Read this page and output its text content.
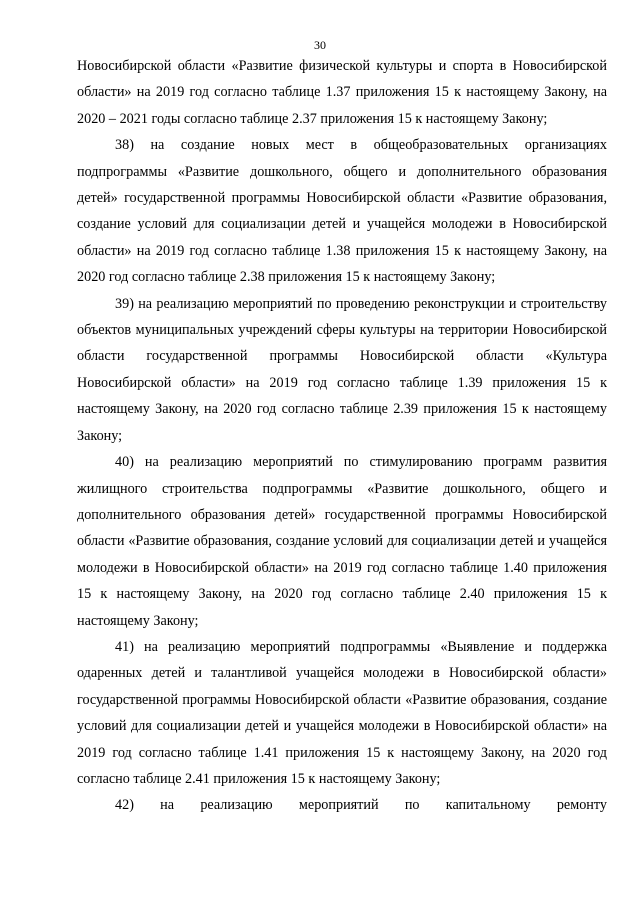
30

Новосибирской области «Развитие физической культуры и спорта в Новосибирской области» на 2019 год согласно таблице 1.37 приложения 15 к настоящему Закону, на 2020 – 2021 годы согласно таблице 2.37 приложения 15 к настоящему Закону;

38) на создание новых мест в общеобразовательных организациях подпрограммы «Развитие дошкольного, общего и дополнительного образования детей» государственной программы Новосибирской области «Развитие образования, создание условий для социализации детей и учащейся молодежи в Новосибирской области» на 2019 год согласно таблице 1.38 приложения 15 к настоящему Закону, на 2020 год согласно таблице 2.38 приложения 15 к настоящему Закону;

39) на реализацию мероприятий по проведению реконструкции и строительству объектов муниципальных учреждений сферы культуры на территории Новосибирской области государственной программы Новосибирской области «Культура Новосибирской области» на 2019 год согласно таблице 1.39 приложения 15 к настоящему Закону, на 2020 год согласно таблице 2.39 приложения 15 к настоящему Закону;

40) на реализацию мероприятий по стимулированию программ развития жилищного строительства подпрограммы «Развитие дошкольного, общего и дополнительного образования детей» государственной программы Новосибирской области «Развитие образования, создание условий для социализации детей и учащейся молодежи в Новосибирской области» на 2019 год согласно таблице 1.40 приложения 15 к настоящему Закону, на 2020 год согласно таблице 2.40 приложения 15 к настоящему Закону;

41) на реализацию мероприятий подпрограммы «Выявление и поддержка одаренных детей и талантливой учащейся молодежи в Новосибирской области» государственной программы Новосибирской области «Развитие образования, создание условий для социализации детей и учащейся молодежи в Новосибирской области» на 2019 год согласно таблице 1.41 приложения 15 к настоящему Закону, на 2020 год согласно таблице 2.41 приложения 15 к настоящему Закону;

42) на реализацию мероприятий по капитальному ремонту
